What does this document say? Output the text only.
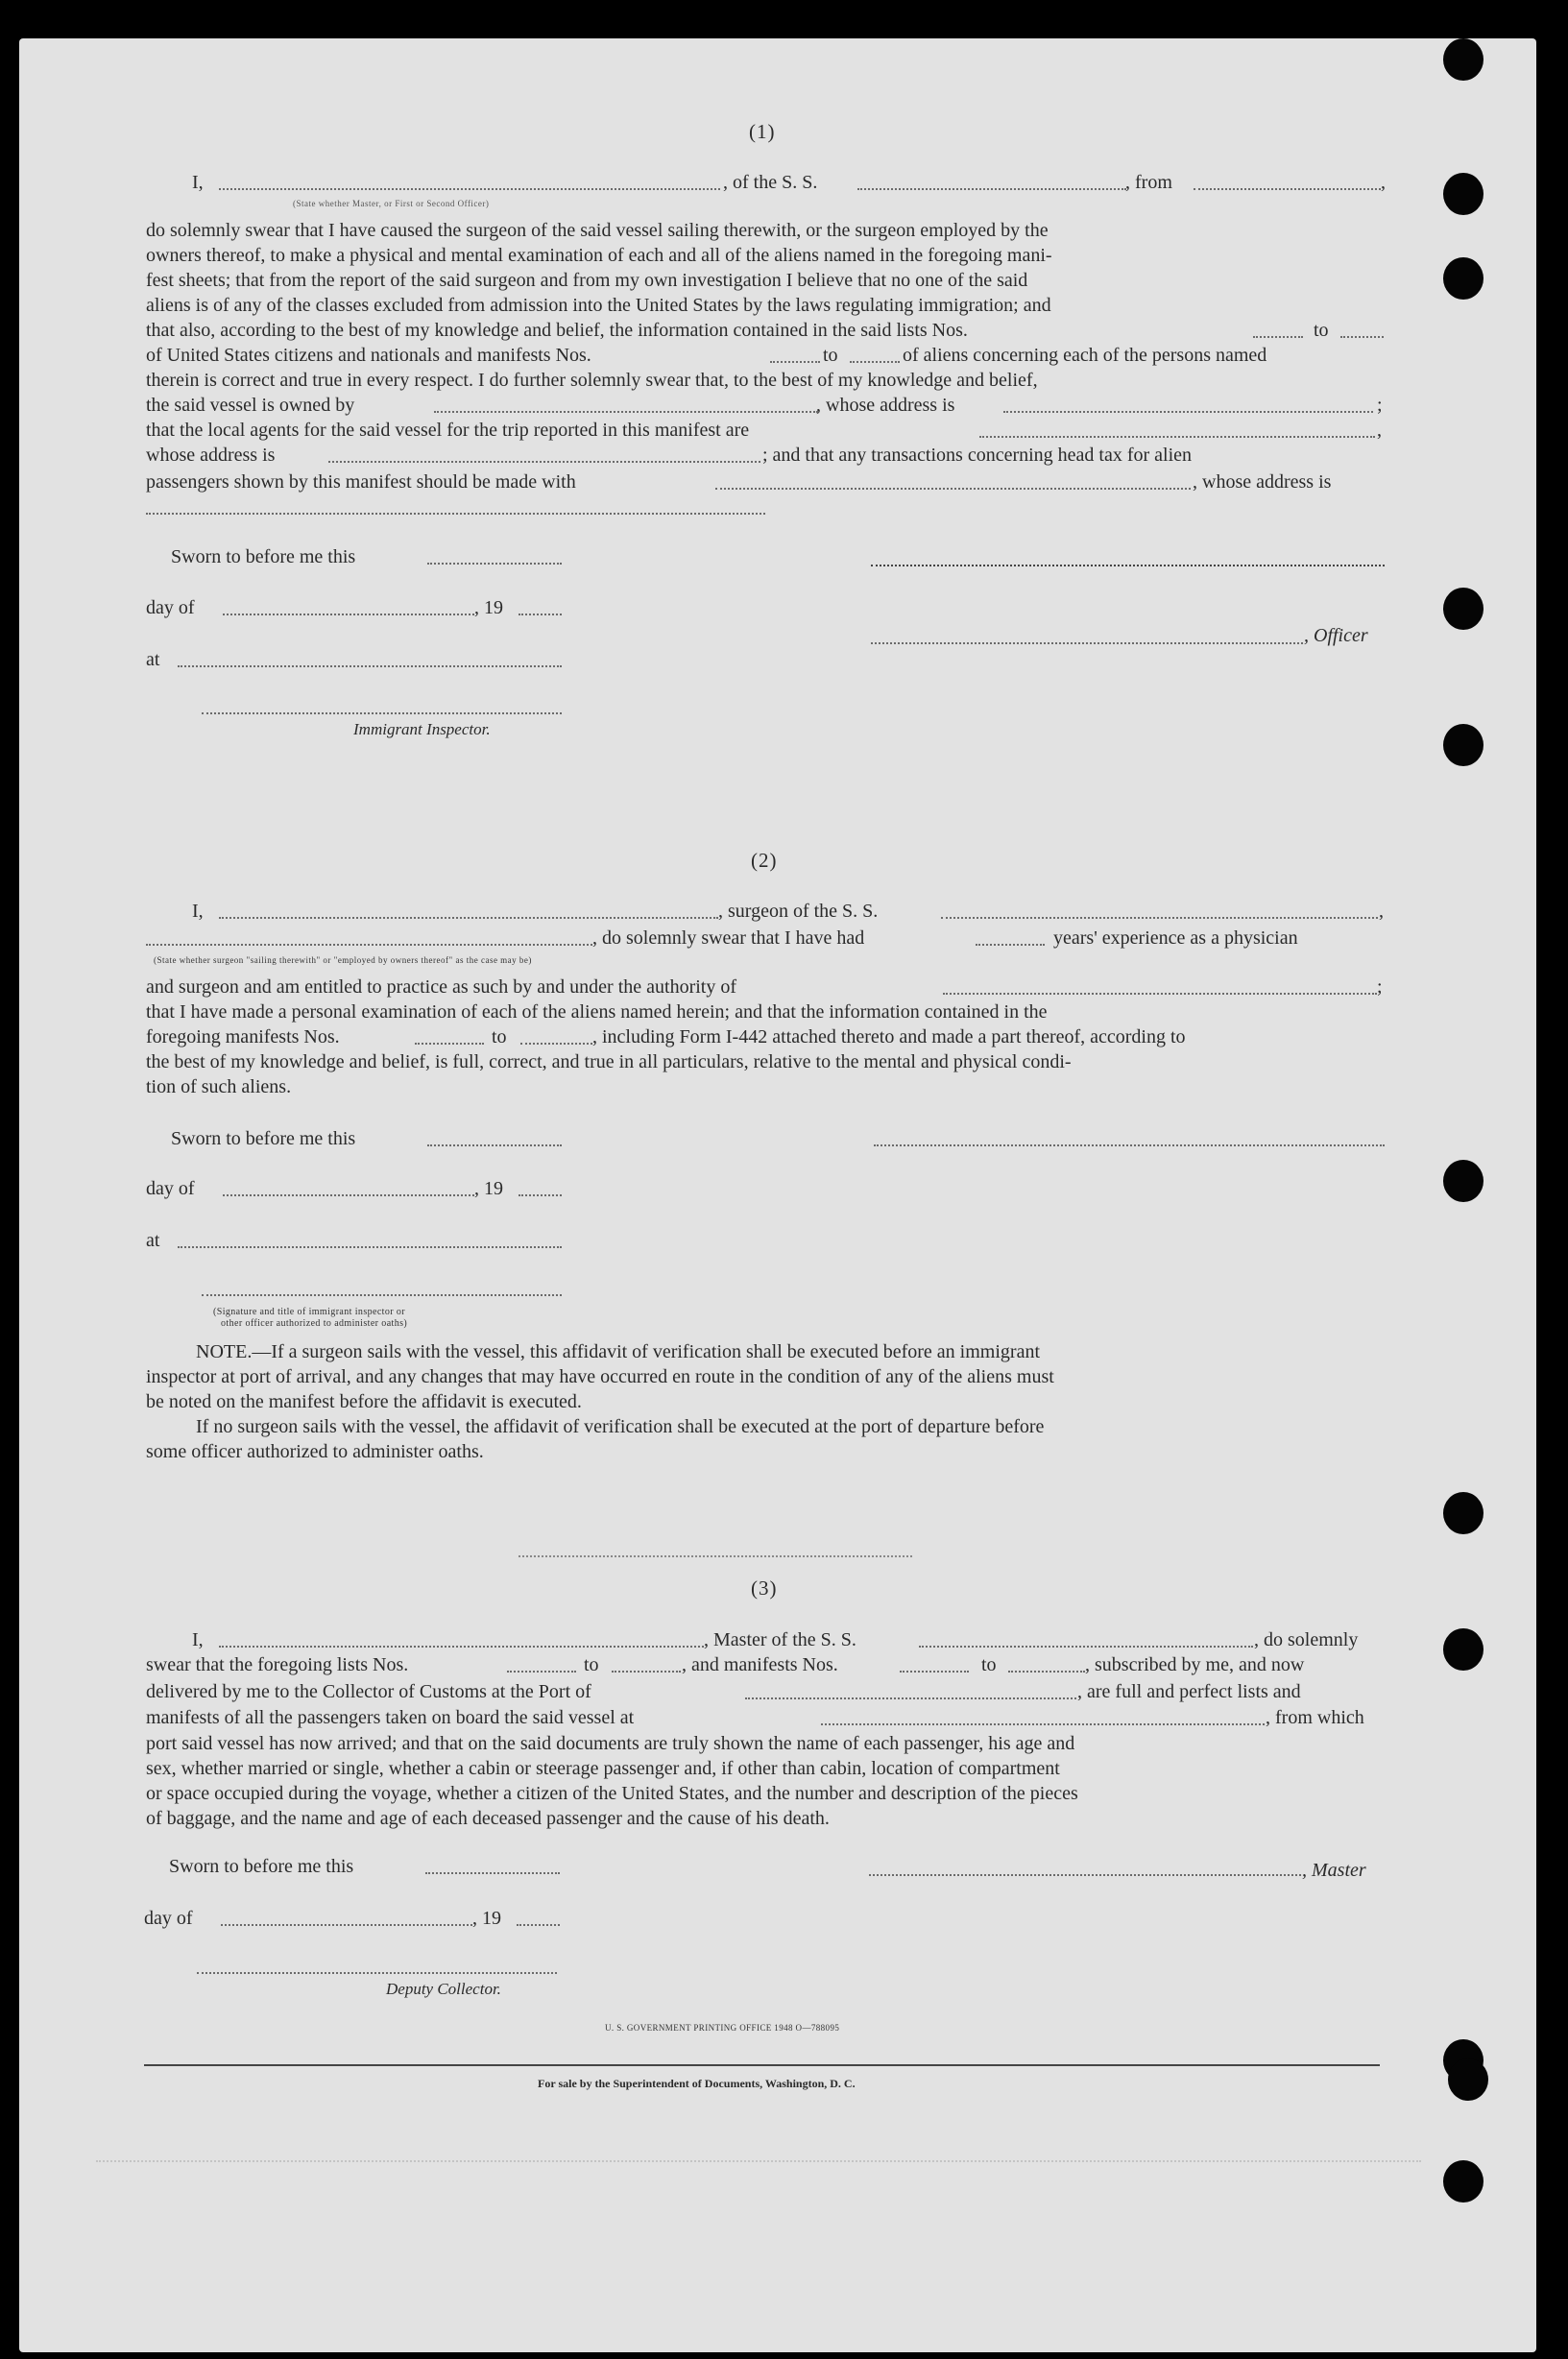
(1)
I,	, of the S. S.	, from	,
(State whether Master, or First or Second Officer)
do solemnly swear that I have caused the surgeon of the said vessel sailing therewith, or the surgeon employed by the
owners thereof, to make a physical and mental examination of each and all of the aliens named in the foregoing mani-
fest sheets; that from the report of the said surgeon and from my own investigation I believe that no one of the said
aliens is of any of the classes excluded from admission into the United States by the laws regulating immigration; and
that also, according to the best of my knowledge and belief, the information contained in the said lists Nos.	to
of United States citizens and nationals and manifests Nos.	to	of aliens concerning each of the persons named
therein is correct and true in every respect. I do further solemnly swear that, to the best of my knowledge and belief,
the said vessel is owned by	, whose address is	;
that the local agents for the said vessel for the trip reported in this manifest are	,
whose address is	; and that any transactions concerning head tax for alien
passengers shown by this manifest should be made with	, whose address is
Sworn to before me this
day of	, 19
, Officer
at
Immigrant Inspector.
(2)
I,	, surgeon of the S. S.	,
, do solemnly swear that I have had	years' experience as a physician
(State whether surgeon "sailing therewith" or "employed by owners thereof" as the case may be)
and surgeon and am entitled to practice as such by and under the authority of	;
that I have made a personal examination of each of the aliens named herein; and that the information contained in the
foregoing manifests Nos.	to	, including Form I-442 attached thereto and made a part thereof, according to
the best of my knowledge and belief, is full, correct, and true in all particulars, relative to the mental and physical condi-
tion of such aliens.
Sworn to before me this
day of	, 19
at
(Signature and title of immigrant inspector or
other officer authorized to administer oaths)
NOTE.—If a surgeon sails with the vessel, this affidavit of verification shall be executed before an immigrant
inspector at port of arrival, and any changes that may have occurred en route in the condition of any of the aliens must
be noted on the manifest before the affidavit is executed.
If no surgeon sails with the vessel, the affidavit of verification shall be executed at the port of departure before
some officer authorized to administer oaths.
(3)
I,	, Master of the S. S.	, do solemnly
swear that the foregoing lists Nos.	to	, and manifests Nos.	to	, subscribed by me, and now
delivered by me to the Collector of Customs at the Port of	, are full and perfect lists and
manifests of all the passengers taken on board the said vessel at	, from which
port said vessel has now arrived; and that on the said documents are truly shown the name of each passenger, his age and
sex, whether married or single, whether a cabin or steerage passenger and, if other than cabin, location of compartment
or space occupied during the voyage, whether a citizen of the United States, and the number and description of the pieces
of baggage, and the name and age of each deceased passenger and the cause of his death.
Sworn to before me this	, Master
day of	, 19
Deputy Collector.
U. S. GOVERNMENT PRINTING OFFICE 1948 O—788095
For sale by the Superintendent of Documents, Washington, D. C.
